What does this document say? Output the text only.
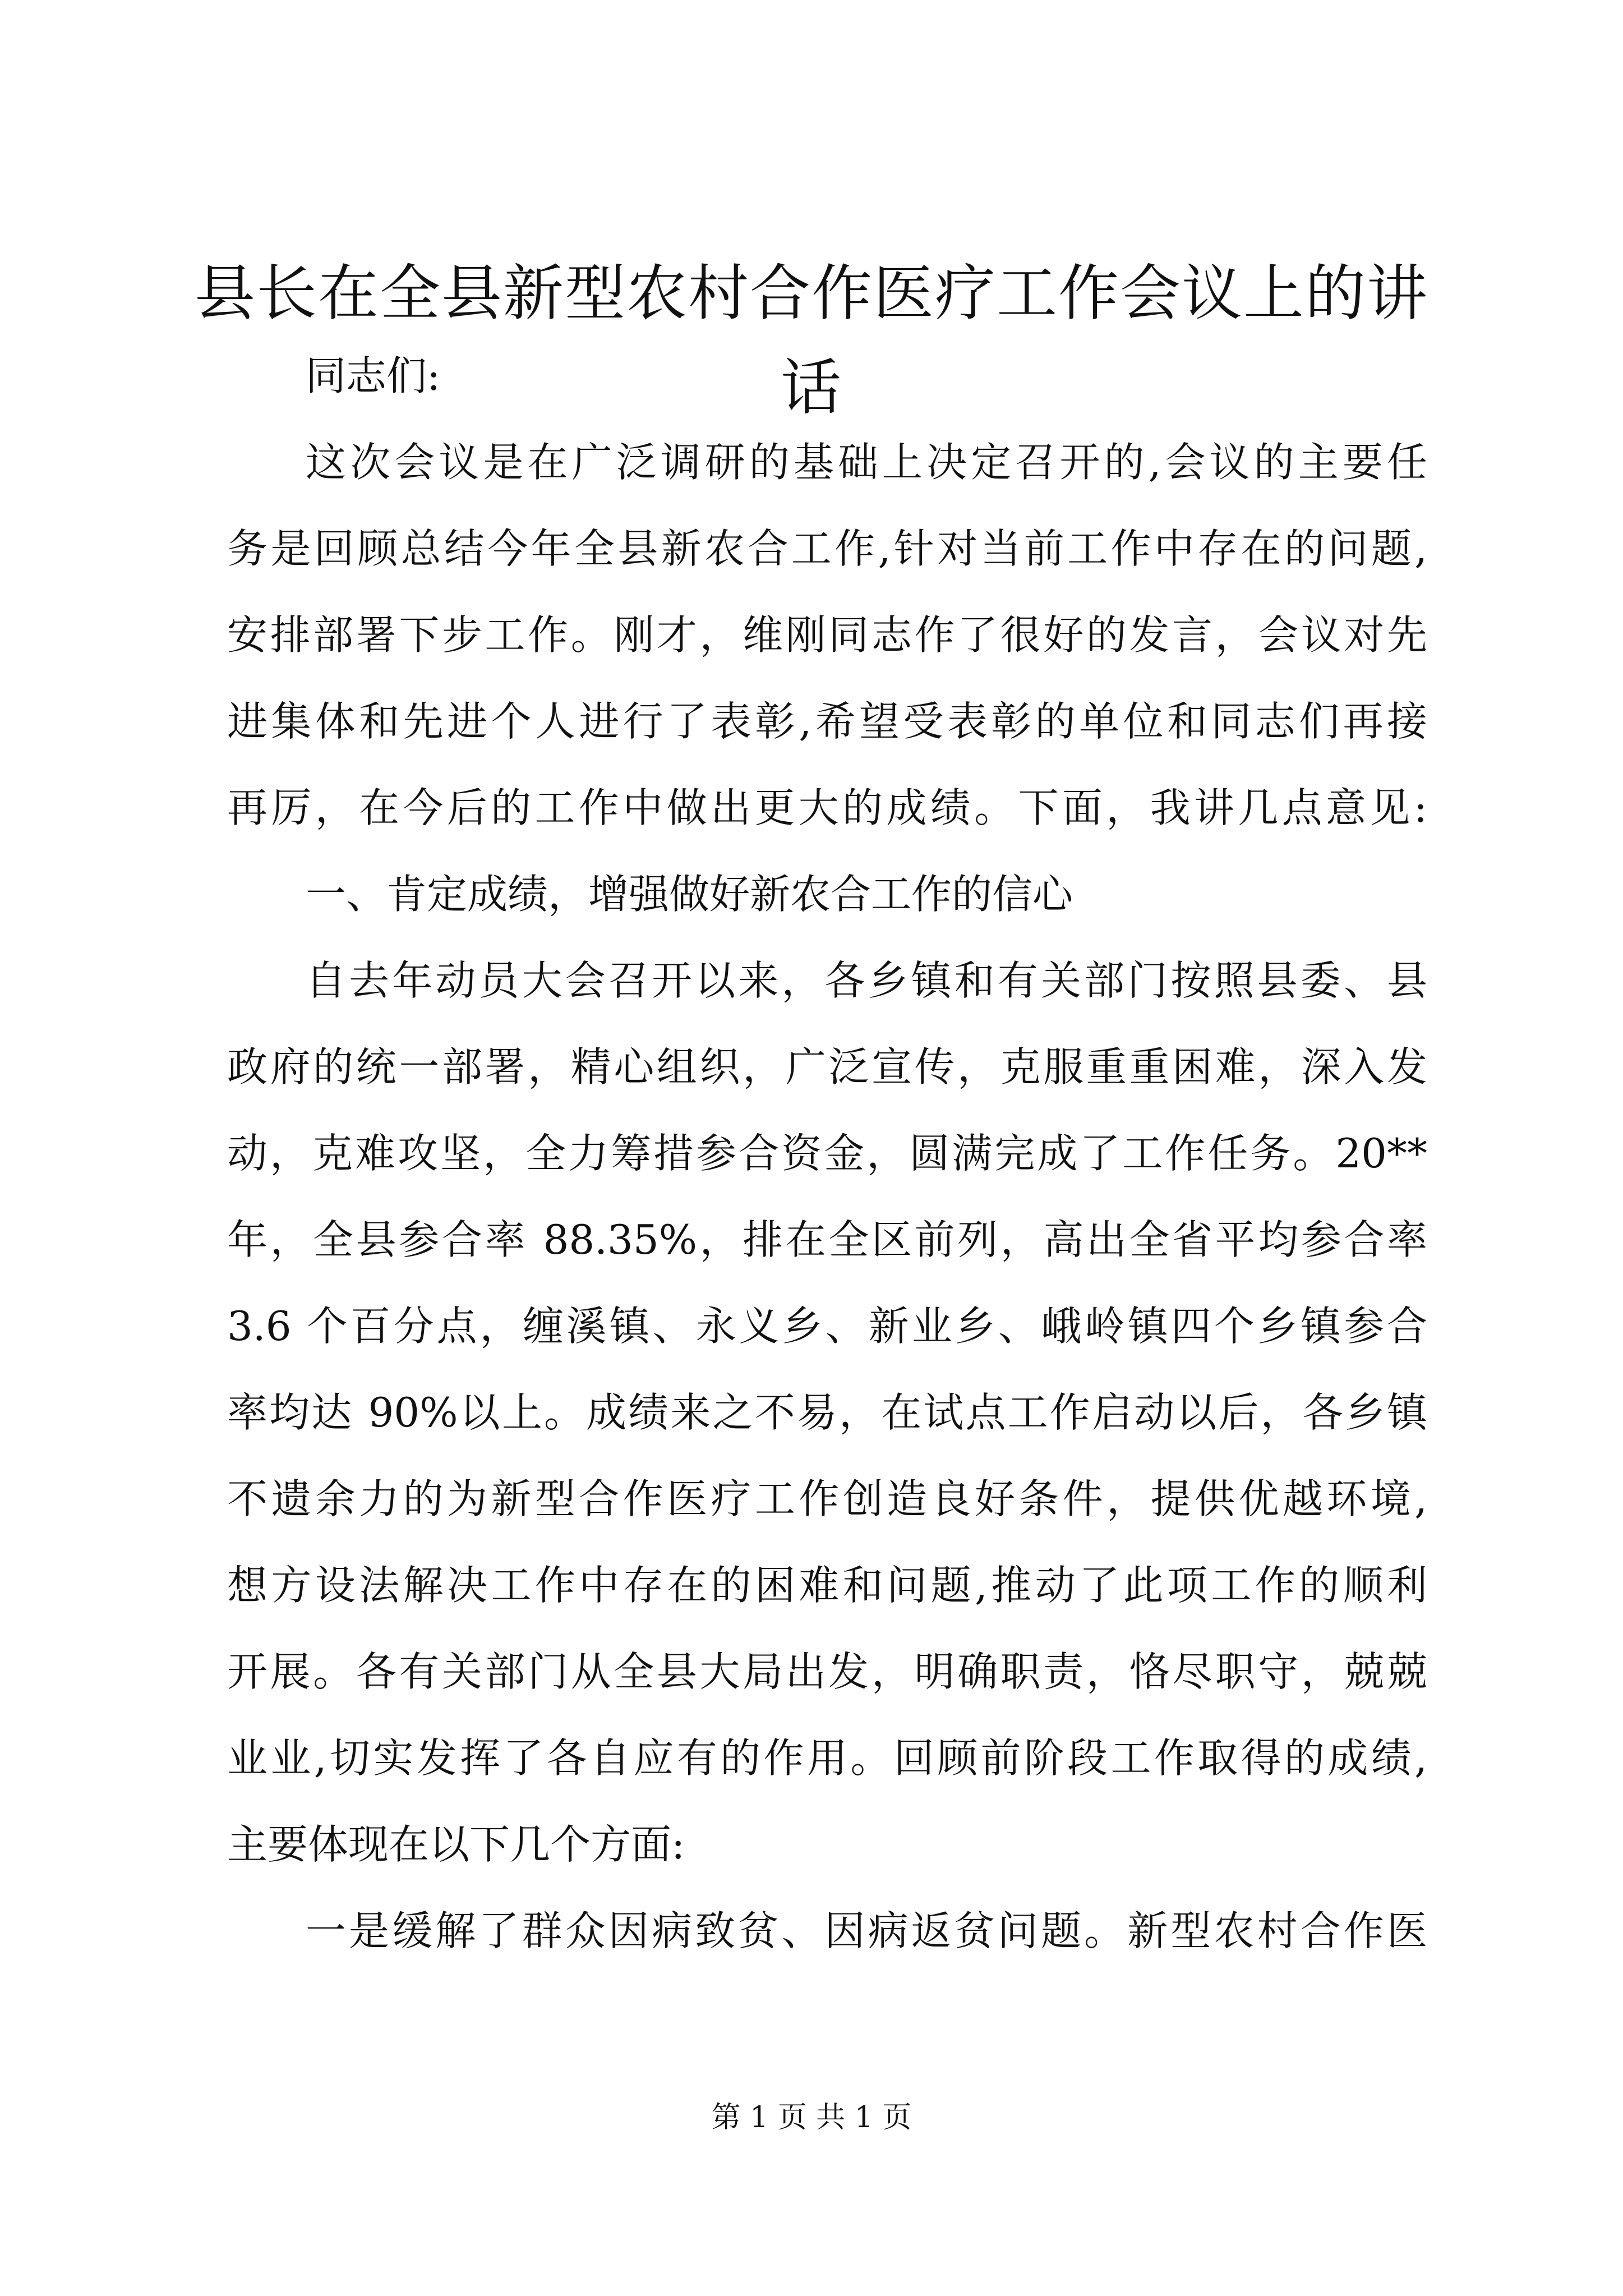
县长在全县新型农村合作医疗工作会议上的讲
话
同志们:
这次会议是在广泛调研的基础上决定召开的,会议的主要任
务是回顾总结今年全县新农合工作,针对当前工作中存在的问题,
安排部署下步工作。刚才，维刚同志作了很好的发言，会议对先
进集体和先进个人进行了表彰,希望受表彰的单位和同志们再接
再厉，在今后的工作中做出更大的成绩。下面，我讲几点意见:
一、肯定成绩，增强做好新农合工作的信心
自去年动员大会召开以来，各乡镇和有关部门按照县委、县
政府的统一部署，精心组织，广泛宣传，克服重重困难，深入发
动，克难攻坚，全力筹措参合资金，圆满完成了工作任务。20**
年，全县参合率 88.35%，排在全区前列，高出全省平均参合率
3.6 个百分点，缠溪镇、永义乡、新业乡、峨岭镇四个乡镇参合
率均达 90%以上。成绩来之不易，在试点工作启动以后，各乡镇
不遗余力的为新型合作医疗工作创造良好条件，提供优越环境,
想方设法解决工作中存在的困难和问题,推动了此项工作的顺利
开展。各有关部门从全县大局出发，明确职责，恪尽职守，兢兢
业业,切实发挥了各自应有的作用。回顾前阶段工作取得的成绩,
主要体现在以下几个方面:
一是缓解了群众因病致贫、因病返贫问题。新型农村合作医
第 1 页 共 1 页
